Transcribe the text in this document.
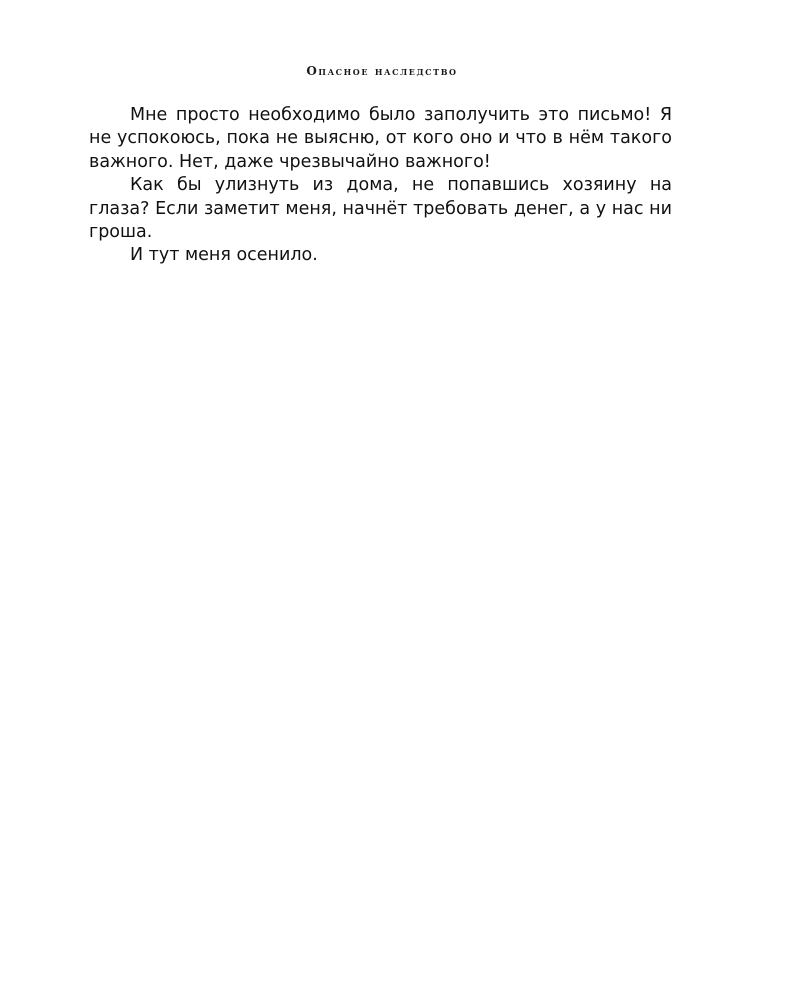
Опасное наследство

Мне просто необходимо было заполучить это письмо! Я не успокоюсь, пока не выясню, от кого оно и что в нём такого важного. Нет, даже чрезвычайно важного!

Как бы улизнуть из дома, не попавшись хозяину на глаза? Если заметит меня, начнёт требовать денег, а у нас ни гроша.

И тут меня осенило.
